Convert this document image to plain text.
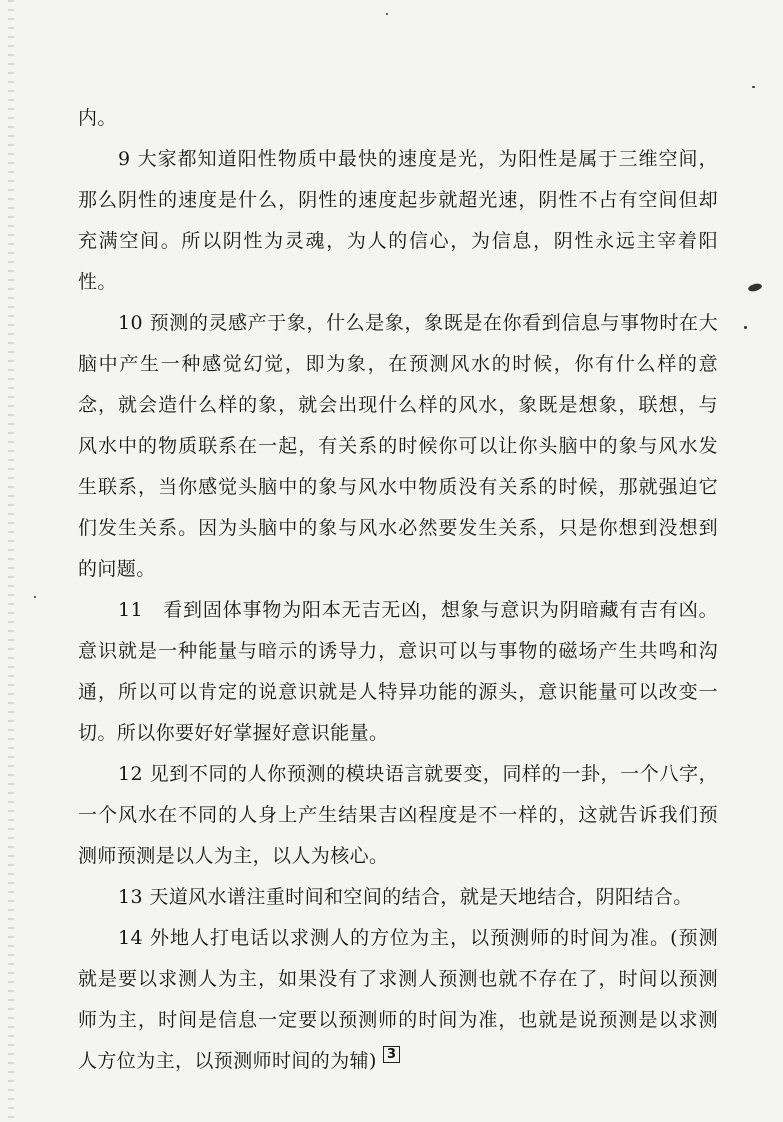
内。

9 大家都知道阳性物质中最快的速度是光，为阳性是属于三维空间，那么阴性的速度是什么，阴性的速度起步就超光速，阴性不占有空间但却充满空间。所以阴性为灵魂，为人的信心，为信息，阴性永远主宰着阳性。

10 预测的灵感产于象，什么是象，象既是在你看到信息与事物时在大脑中产生一种感觉幻觉，即为象，在预测风水的时候，你有什么样的意念，就会造什么样的象，就会出现什么样的风水，象既是想象，联想，与风水中的物质联系在一起，有关系的时候你可以让你头脑中的象与风水发生联系，当你感觉头脑中的象与风水中物质没有关系的时候，那就强迫它们发生关系。因为头脑中的象与风水必然要发生关系，只是你想到没想到的问题。

11　看到固体事物为阳本无吉无凶，想象与意识为阴暗藏有吉有凶。意识就是一种能量与暗示的诱导力，意识可以与事物的磁场产生共鸣和沟通，所以可以肯定的说意识就是人特异功能的源头，意识能量可以改变一切。所以你要好好掌握好意识能量。

12 见到不同的人你预测的模块语言就要变，同样的一卦，一个八字，一个风水在不同的人身上产生结果吉凶程度是不一样的，这就告诉我们预测师预测是以人为主，以人为核心。

13 天道风水谱注重时间和空间的结合，就是天地结合，阴阳结合。

14 外地人打电话以求测人的方位为主，以预测师的时间为准。(预测就是要以求测人为主，如果没有了求测人预测也就不存在了，时间以预测师为主，时间是信息一定要以预测师的时间为准，也就是说预测是以求测人方位为主，以预测师时间的为辅) 3
